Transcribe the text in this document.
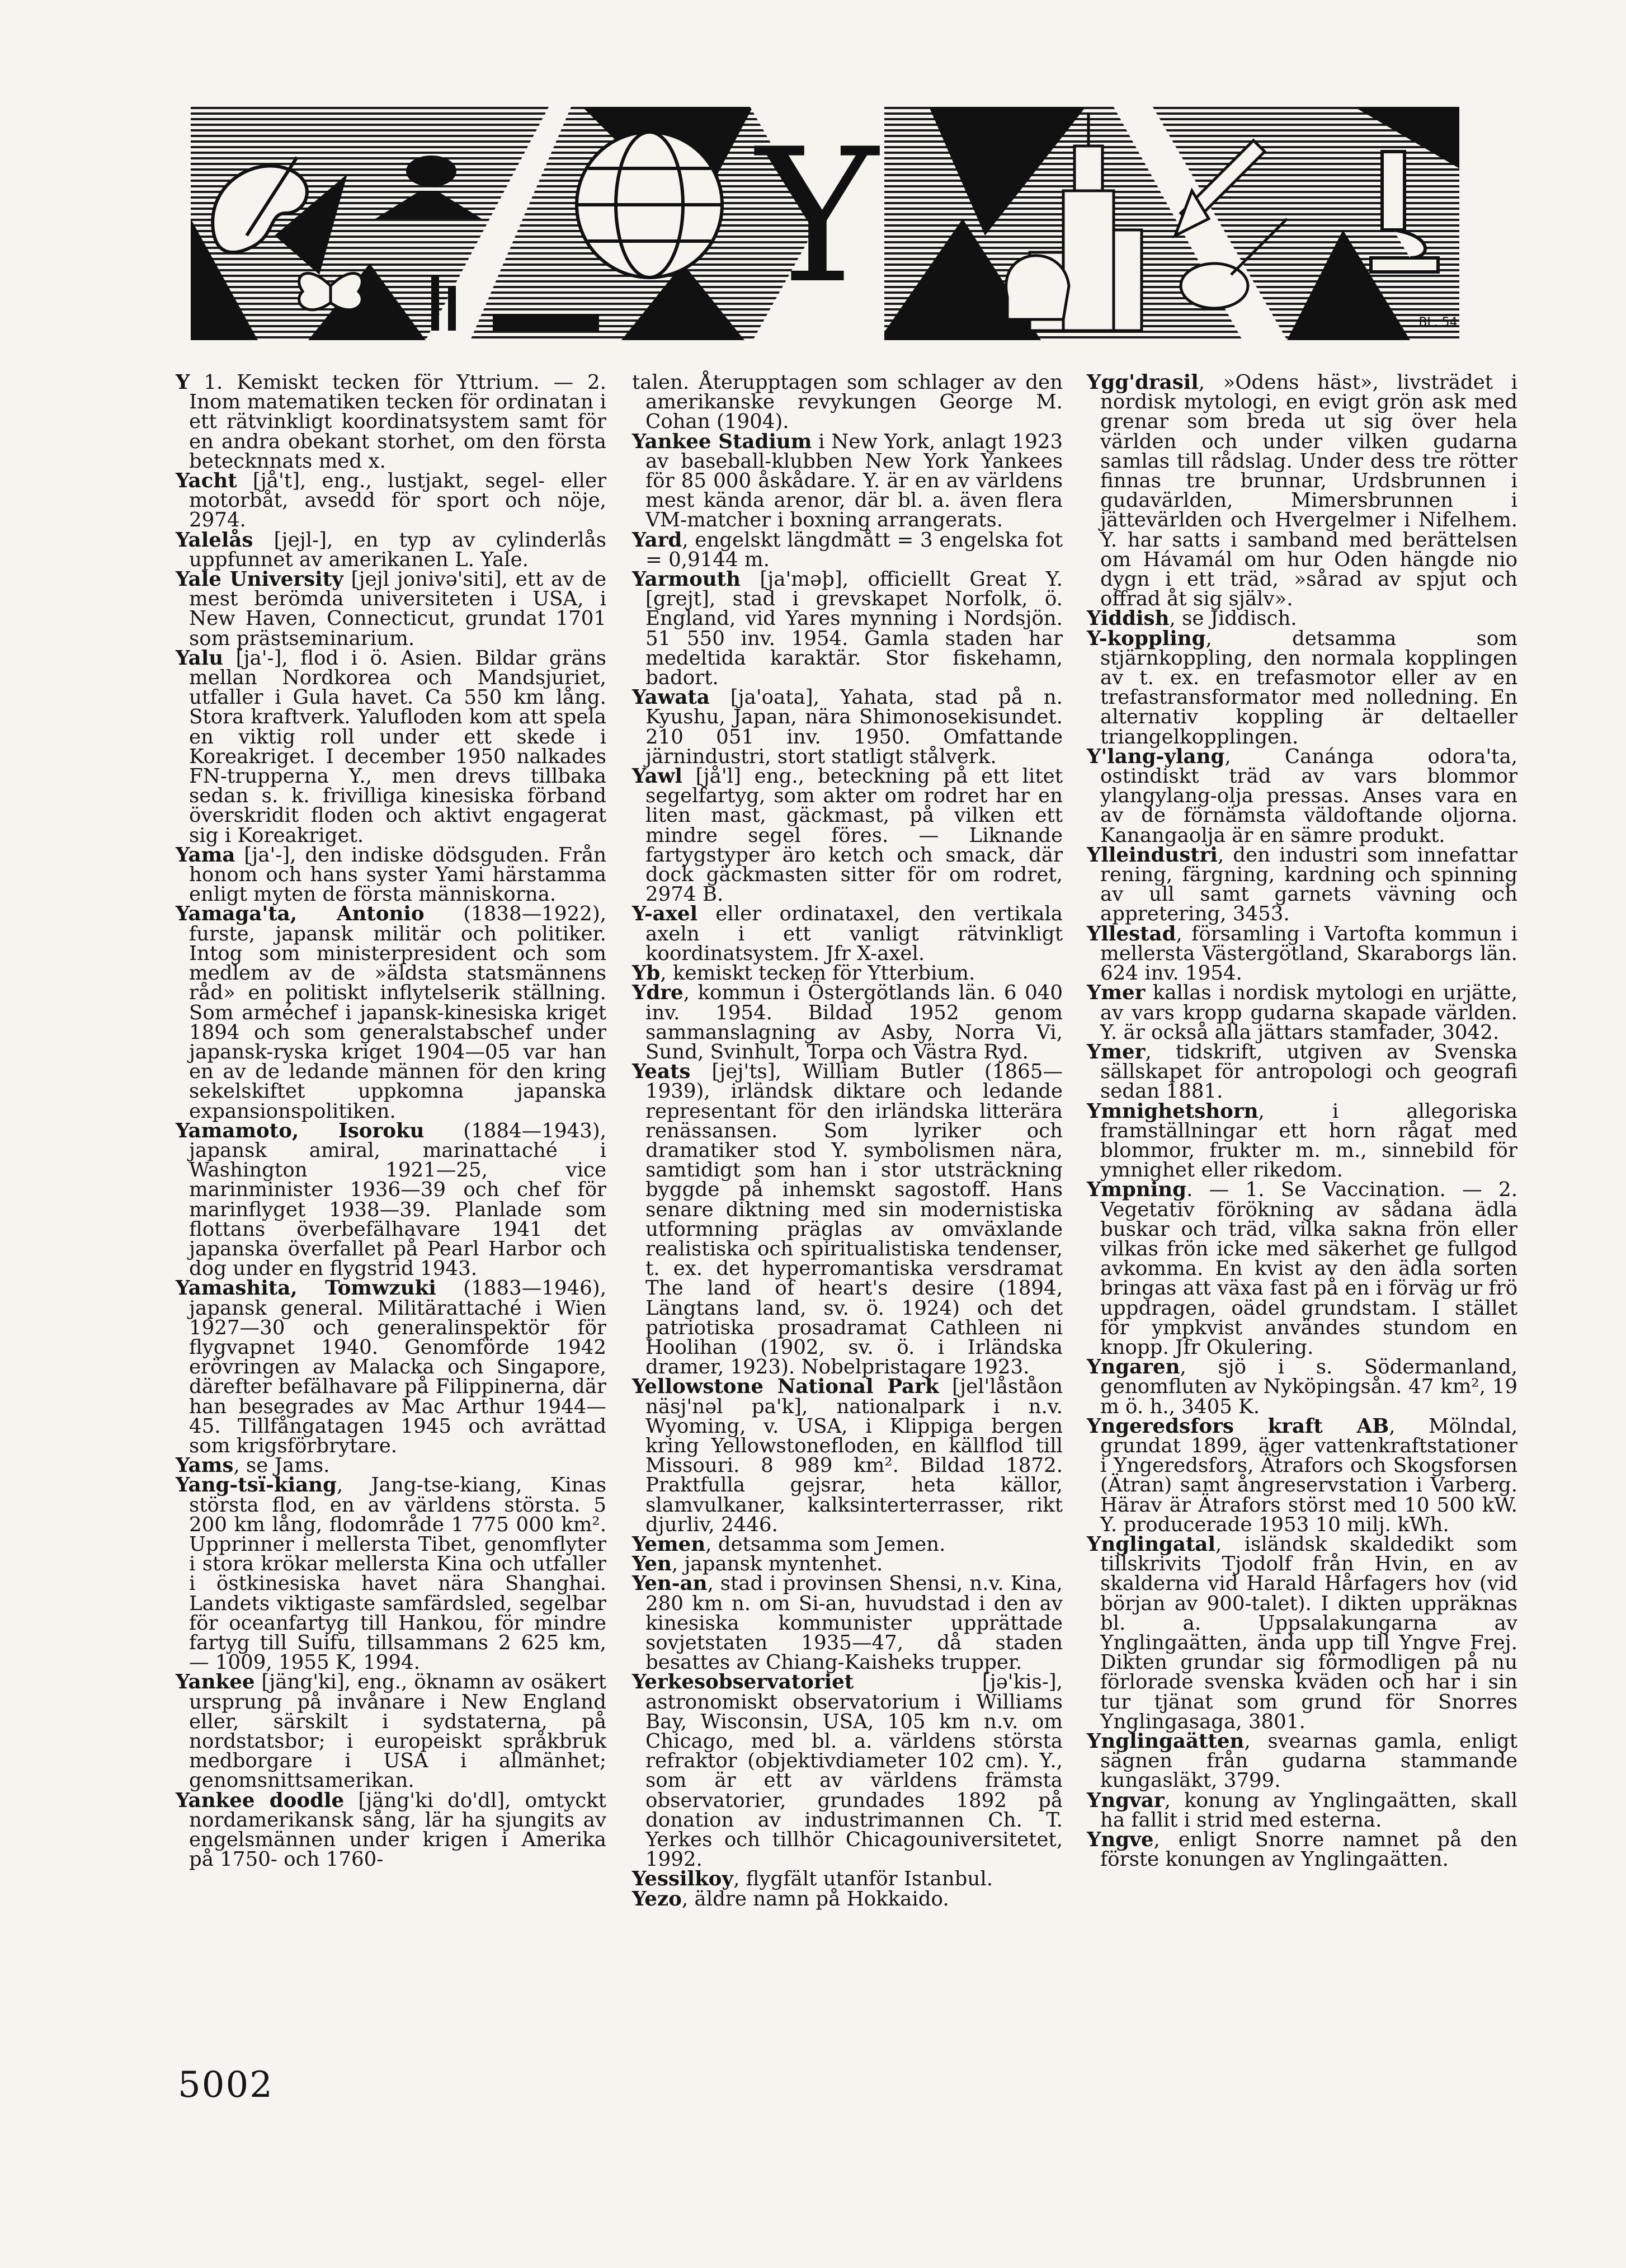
Y	BL. 54

Y 1. Kemiskt tecken för Yttrium. — 2. Inom matematiken tecken för ordinatan i ett rätvinkligt koordinatsystem samt för en andra obekant storhet, om den första betecknnats med x.

Yacht [jå't], eng., lustjakt, segel- eller motorbåt, avsedd för sport och nöje, 2974.

Yalelås [jejl-], en typ av cylinderlås uppfunnet av amerikanen L. Yale.

Yale University [jejl jonivə'siti], ett av de mest berömda universiteten i USA, i New Haven, Connecticut, grundat 1701 som prästseminarium.

Yalu [ja'-], flod i ö. Asien. Bildar gräns mellan Nordkorea och Mandsjuriet, utfaller i Gula havet. Ca 550 km lång. Stora kraftverk. Yalufloden kom att spela en viktig roll under ett skede i Koreakriget. I december 1950 nalkades FN-trupperna Y., men drevs tillbaka sedan s. k. frivilliga kinesiska förband överskridit floden och aktivt engagerat sig i Koreakriget.

Yama [ja'-], den indiske dödsguden. Från honom och hans syster Yami härstamma enligt myten de första människorna.

Yamaga'ta, Antonio (1838—1922), furste, japansk militär och politiker. Intog som ministerpresident och som medlem av de »äldsta statsmännens råd» en politiskt inflytelserik ställning. Som arméchef i japansk-kinesiska kriget 1894 och som generalstabschef under japansk-ryska kriget 1904—05 var han en av de ledande männen för den kring sekelskiftet uppkomna japanska expansionspolitiken.

Yamamoto, Isoroku (1884—1943), japansk amiral, marinattaché i Washington 1921—25, vice marinminister 1936—39 och chef för marinflyget 1938—39. Planlade som flottans överbefälhavare 1941 det japanska överfallet på Pearl Harbor och dog under en flygstrid 1943.

Yamashita, Tomwzuki (1883—1946), japansk general. Militärattaché i Wien 1927—30 och generalinspektör för flygvapnet 1940. Genomförde 1942 erövringen av Malacka och Singapore, därefter befälhavare på Filippinerna, där han besegrades av Mac Arthur 1944—45. Tillfångatagen 1945 och avrättad som krigsförbrytare.

Yams, se Jams.

Yang-tsï-kiang, Jang-tse-kiang, Kinas största flod, en av världens största. 5 200 km lång, flodområde 1 775 000 km². Upprinner i mellersta Tibet, genomflyter i stora krökar mellersta Kina och utfaller i östkinesiska havet nära Shanghai. Landets viktigaste samfärdsled, segelbar för oceanfartyg till Hankou, för mindre fartyg till Suifu, tillsammans 2 625 km, — 1009, 1955 K, 1994.

Yankee [jäng'ki], eng., öknamn av osäkert ursprung på invånare i New England eller, särskilt i sydstaterna, på nordstatsbor; i europeiskt språkbruk medborgare i USA i allmänhet; genomsnittsamerikan.

Yankee doodle [jäng'ki do'dl], omtyckt nordamerikansk sång, lär ha sjungits av engelsmännen under krigen i Amerika på 1750- och 1760-

talen. Återupptagen som schlager av den amerikanske revykungen George M. Cohan (1904).

Yankee Stadium i New York, anlagt 1923 av baseball-klubben New York Yankees för 85 000 åskådare. Y. är en av världens mest kända arenor, där bl. a. även flera VM-matcher i boxning arrangerats.

Yard, engelskt längdmått = 3 engelska fot = 0,9144 m.

Yarmouth [ja'məþ], officiellt Great Y. [grejt], stad i grevskapet Norfolk, ö. England, vid Yares mynning i Nordsjön. 51 550 inv. 1954. Gamla staden har medeltida karaktär. Stor fiskehamn, badort.

Yawata [ja'oata], Yahata, stad på n. Kyushu, Japan, nära Shimonosekisundet. 210 051 inv. 1950. Omfattande järnindustri, stort statligt stålverk.

Yawl [jå'l] eng., beteckning på ett litet segelfartyg, som akter om rodret har en liten mast, gäckmast, på vilken ett mindre segel föres. — Liknande fartygstyper äro ketch och smack, där dock gäckmasten sitter för om rodret, 2974 B.

Y-axel eller ordinataxel, den vertikala axeln i ett vanligt rätvinkligt koordinatsystem. Jfr X-axel.

Yb, kemiskt tecken för Ytterbium.

Ydre, kommun i Östergötlands län. 6 040 inv. 1954. Bildad 1952 genom sammanslagning av Asby, Norra Vi, Sund, Svinhult, Torpa och Västra Ryd.

Yeats [jej'ts], William Butler (1865—1939), irländsk diktare och ledande representant för den irländska litterära renässansen. Som lyriker och dramatiker stod Y. symbolismen nära, samtidigt som han i stor utsträckning byggde på inhemskt sagostoff. Hans senare diktning med sin modernistiska utformning präglas av omväxlande realistiska och spiritualistiska tendenser, t. ex. det hyperromantiska versdramat The land of heart's desire (1894, Längtans land, sv. ö. 1924) och det patriotiska prosadramat Cathleen ni Hoolihan (1902, sv. ö. i Irländska dramer, 1923). Nobelpristagare 1923.

Yellowstone National Park [jel'låståon näsj'nəl pa'k], nationalpark i n.v. Wyoming, v. USA, i Klippiga bergen kring Yellowstonefloden, en källflod till Missouri. 8 989 km². Bildad 1872. Praktfulla gejsrar, heta källor, slamvulkaner, kalksinterterrasser, rikt djurliv, 2446.

Yemen, detsamma som Jemen.

Yen, japansk myntenhet.

Yen-an, stad i provinsen Shensi, n.v. Kina, 280 km n. om Si-an, huvudstad i den av kinesiska kommunister upprättade sovjetstaten 1935—47, då staden besattes av Chiang-Kaisheks trupper.

Yerkesobservatoriet [jə'kis-], astronomiskt observatorium i Williams Bay, Wisconsin, USA, 105 km n.v. om Chicago, med bl. a. världens största refraktor (objektivdiameter 102 cm). Y., som är ett av världens främsta observatorier, grundades 1892 på donation av industrimannen Ch. T. Yerkes och tillhör Chicagouniversitetet, 1992.

Yessilkoy, flygfält utanför Istanbul.

Yezo, äldre namn på Hokkaido.

Ygg'drasil, »Odens häst», livsträdet i nordisk mytologi, en evigt grön ask med grenar som breda ut sig över hela världen och under vilken gudarna samlas till rådslag. Under dess tre rötter finnas tre brunnar, Urdsbrunnen i gudavärlden, Mimersbrunnen i jättevärlden och Hvergelmer i Nifelhem. Y. har satts i samband med berättelsen om Hávamál om hur Oden hängde nio dygn i ett träd, »sårad av spjut och offrad åt sig själv».

Yiddish, se Jiddisch.

Y-koppling, detsamma som stjärnkoppling, den normala kopplingen av t. ex. en trefasmotor eller av en trefastransformator med nolledning. En alternativ koppling är deltaeller triangelkopplingen.

Y'lang-ylang, Canánga odora'ta, ostindiskt träd av vars blommor ylangylang-olja pressas. Anses vara en av de förnämsta väldoftande oljorna. Kanangaolja är en sämre produkt.

Ylleindustri, den industri som innefattar rening, färgning, kardning och spinning av ull samt garnets vävning och appretering, 3453.

Yllestad, församling i Vartofta kommun i mellersta Västergötland, Skaraborgs län. 624 inv. 1954.

Ymer kallas i nordisk mytologi en urjätte, av vars kropp gudarna skapade världen. Y. är också alla jättars stamfader, 3042.

Ymer, tidskrift, utgiven av Svenska sällskapet för antropologi och geografi sedan 1881.

Ymnighetshorn, i allegoriska framställningar ett horn rågat med blommor, frukter m. m., sinnebild för ymnighet eller rikedom.

Ympning. — 1. Se Vaccination. — 2. Vegetativ förökning av sådana ädla buskar och träd, vilka sakna frön eller vilkas frön icke med säkerhet ge fullgod avkomma. En kvist av den ädla sorten bringas att växa fast på en i förväg ur frö uppdragen, oädel grundstam. I stället för ympkvist användes stundom en knopp. Jfr Okulering.

Yngaren, sjö i s. Södermanland, genomfluten av Nyköpingsån. 47 km², 19 m ö. h., 3405 K.

Yngeredsfors kraft AB, Mölndal, grundat 1899, äger vattenkraftstationer i Yngeredsfors, Ätrafors och Skogsforsen (Ätran) samt ångreservstation i Varberg. Härav är Ätrafors störst med 10 500 kW. Y. producerade 1953 10 milj. kWh.

Ynglingatal, isländsk skaldedikt som tillskrivits Tjodolf från Hvin, en av skalderna vid Harald Hårfagers hov (vid början av 900-talet). I dikten uppräknas bl. a. Uppsalakungarna av Ynglingaätten, ända upp till Yngve Frej. Dikten grundar sig förmodligen på nu förlorade svenska kväden och har i sin tur tjänat som grund för Snorres Ynglingasaga, 3801.

Ynglingaätten, svearnas gamla, enligt sägnen från gudarna stammande kungasläkt, 3799.

Yngvar, konung av Ynglingaätten, skall ha fallit i strid med esterna.

Yngve, enligt Snorre namnet på den förste konungen av Ynglingaätten.

5002
